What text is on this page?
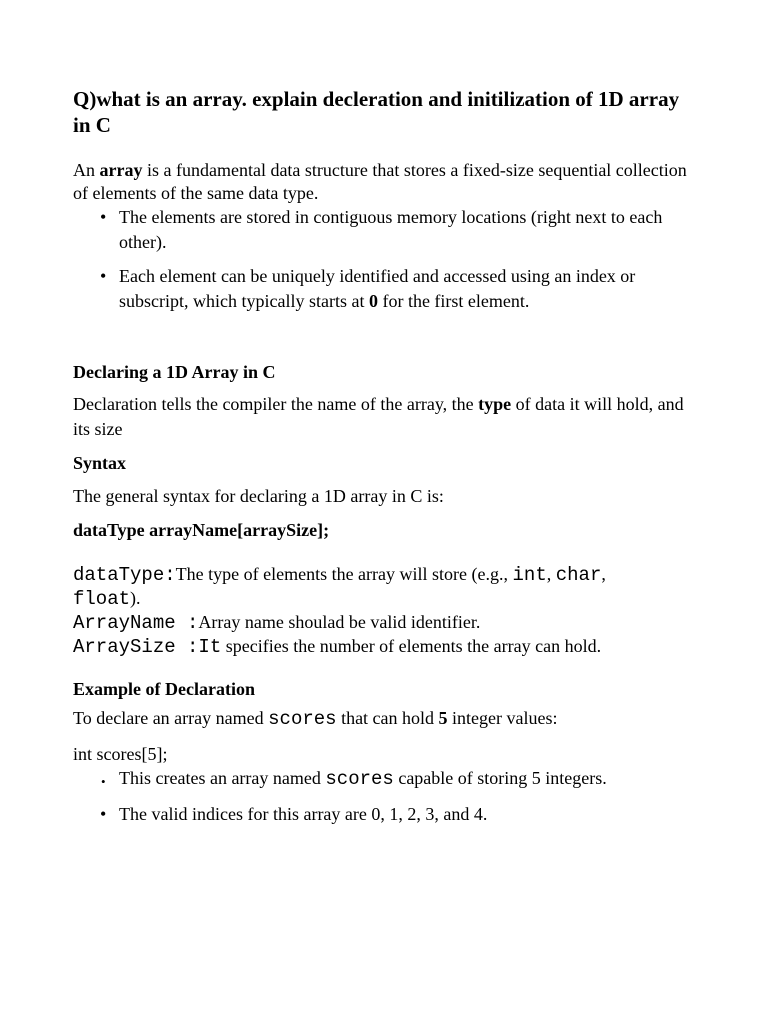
Q)what is an array. explain decleration and initilization of 1D array in C

An array is a fundamental data structure that stores a fixed-size sequential collection of elements of the same data type.

• The elements are stored in contiguous memory locations (right next to each other).
• Each element can be uniquely identified and accessed using an index or subscript, which typically starts at 0 for the first element.
Declaring a 1D Array in C

Declaration tells the compiler the name of the array, the type of data it will hold, and its size

Syntax

The general syntax for declaring a 1D array in C is:

dataType arrayName[arraySize];

dataType:The type of elements the array will store (e.g., int, char,
float).
ArrayName :Array name shoulad be valid identifier.
ArraySize :It specifies the number of elements the array can hold.
Example of Declaration

To declare an array named scores that can hold 5 integer values:

int scores[5];

• This creates an array named scores capable of storing 5 integers.
• The valid indices for this array are 0, 1, 2, 3, and 4.
